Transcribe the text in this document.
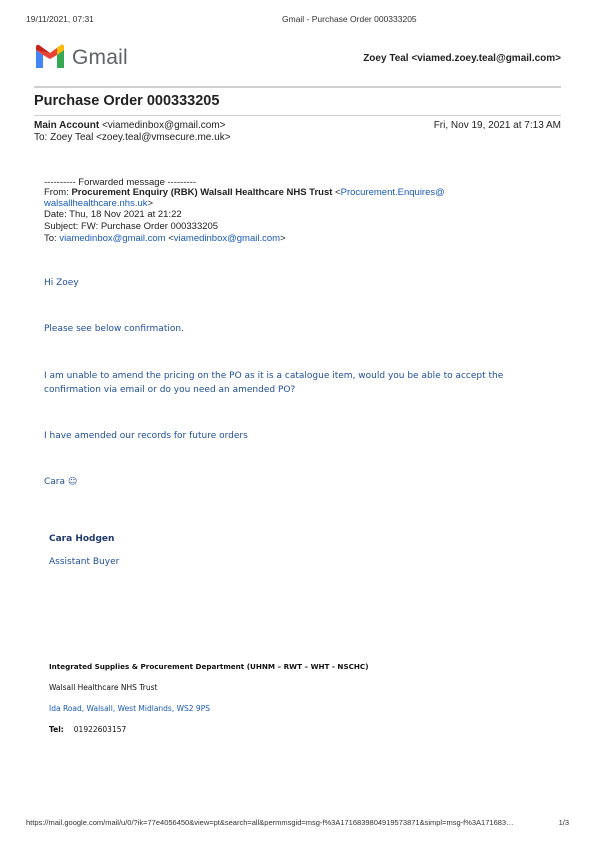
19/11/2021, 07:31	Gmail - Purchase Order 000333205
Gmail	Zoey Teal <viamed.zoey.teal@gmail.com>
Purchase Order 000333205
Main Account <viamedinbox@gmail.com>	Fri, Nov 19, 2021 at 7:13 AM
To: Zoey Teal <zoey.teal@vmsecure.me.uk>
---------- Forwarded message ---------
From: Procurement Enquiry (RBK) Walsall Healthcare NHS Trust <Procurement.Enquires@
walsallhealthcare.nhs.uk>
Date: Thu, 18 Nov 2021 at 21:22
Subject: FW: Purchase Order 000333205
To: viamedinbox@gmail.com <viamedinbox@gmail.com>
Hi Zoey
Please see below confirmation.
I am unable to amend the pricing on the PO as it is a catalogue item, would you be able to accept the
confirmation via email or do you need an amended PO?
I have amended our records for future orders
Cara ☺
Cara Hodgen
Assistant Buyer
Integrated Supplies & Procurement Department (UHNM – RWT – WHT - NSCHC)
Walsall Healthcare NHS Trust
Ida Road, Walsall, West Midlands, WS2 9PS
Tel: 01922603157
https://mail.google.com/mail/u/0/?ik=77e4056450&view=pt&search=all&permmsgid=msg-f%3A1716839804919573871&simpl=msg-f%3A171683…	1/3
